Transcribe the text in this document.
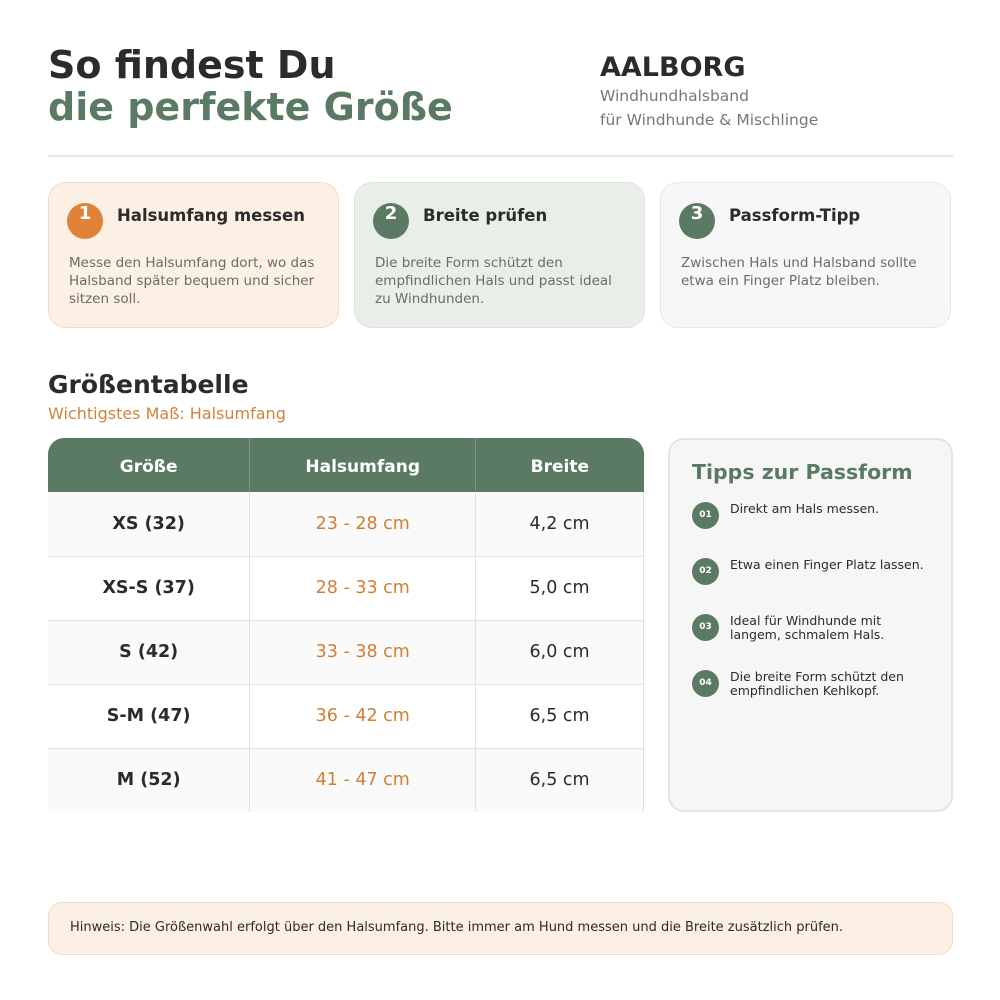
So findest Du
die perfekte Größe
AALBORG
Windhundhalsband
für Windhunde & Mischlinge
1	Halsumfang messen
Messe den Halsumfang dort, wo das Halsband später bequem und sicher sitzen soll.
2	Breite prüfen
Die breite Form schützt den empfindlichen Hals und passt ideal zu Windhunden.
3	Passform-Tipp
Zwischen Hals und Halsband sollte etwa ein Finger Platz bleiben.
Größentabelle
Wichtigstes Maß: Halsumfang
Größe	Halsumfang	Breite
XS (32)	23 - 28 cm	4,2 cm
XS-S (37)	28 - 33 cm	5,0 cm
S (42)	33 - 38 cm	6,0 cm
S-M (47)	36 - 42 cm	6,5 cm
M (52)	41 - 47 cm	6,5 cm
Tipps zur Passform
01	Direkt am Hals messen.
02	Etwa einen Finger Platz lassen.
03	Ideal für Windhunde mit langem, schmalem Hals.
04	Die breite Form schützt den empfindlichen Kehlkopf.
Hinweis: Die Größenwahl erfolgt über den Halsumfang. Bitte immer am Hund messen und die Breite zusätzlich prüfen.
